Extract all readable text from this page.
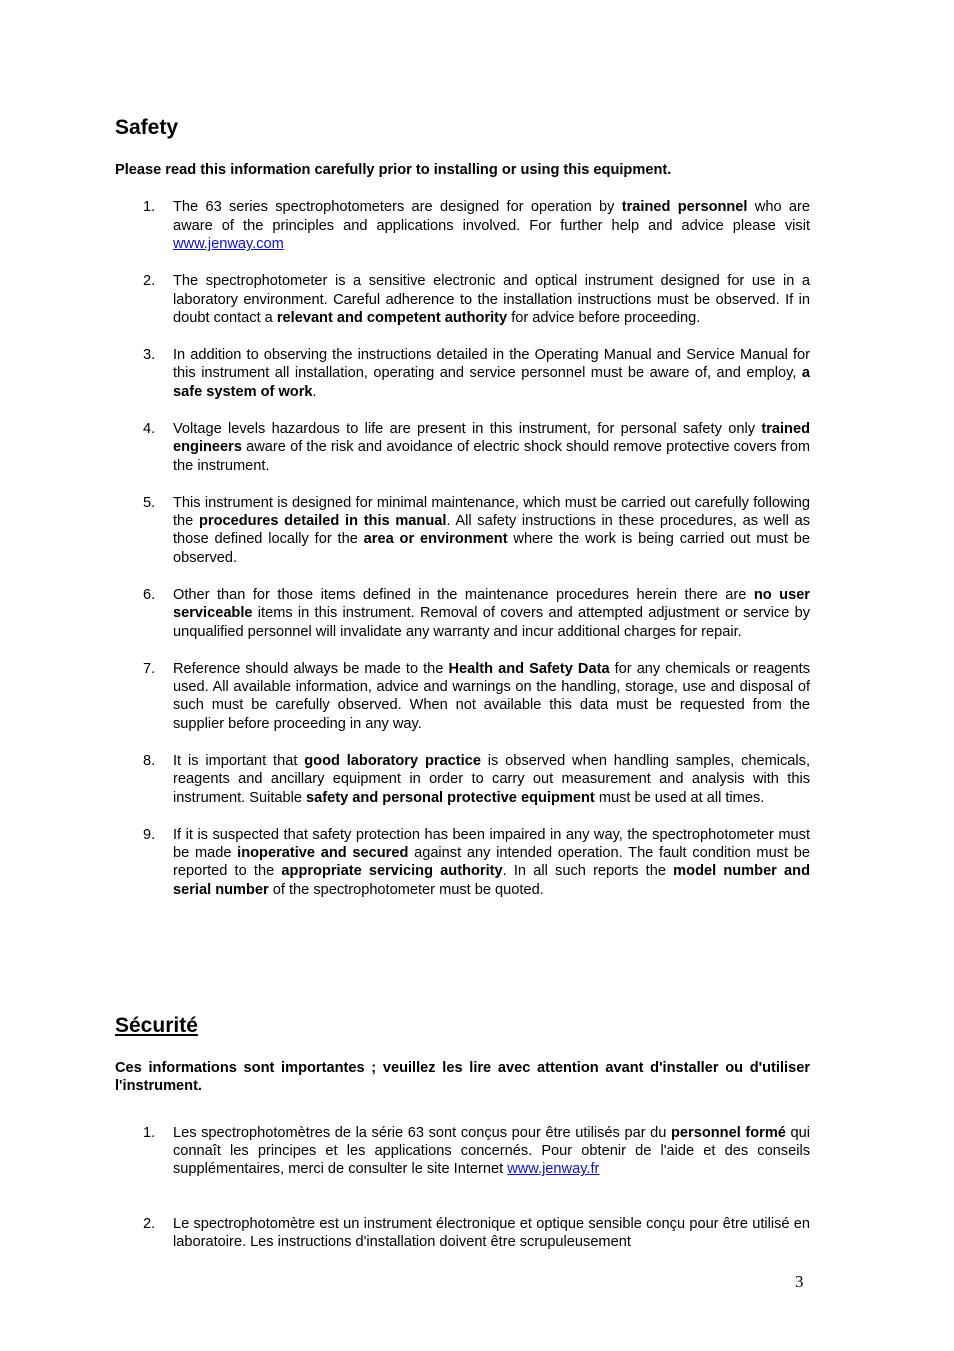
Safety

Please read this information carefully prior to installing or using this equipment.

1. The 63 series spectrophotometers are designed for operation by trained personnel who are aware of the principles and applications involved. For further help and advice please visit www.jenway.com
2. The spectrophotometer is a sensitive electronic and optical instrument designed for use in a laboratory environment. Careful adherence to the installation instructions must be observed. If in doubt contact a relevant and competent authority for advice before proceeding.
3. In addition to observing the instructions detailed in the Operating Manual and Service Manual for this instrument all installation, operating and service personnel must be aware of, and employ, a safe system of work.
4. Voltage levels hazardous to life are present in this instrument, for personal safety only trained engineers aware of the risk and avoidance of electric shock should remove protective covers from the instrument.
5. This instrument is designed for minimal maintenance, which must be carried out carefully following the procedures detailed in this manual. All safety instructions in these procedures, as well as those defined locally for the area or environment where the work is being carried out must be observed.
6. Other than for those items defined in the maintenance procedures herein there are no user serviceable items in this instrument. Removal of covers and attempted adjustment or service by unqualified personnel will invalidate any warranty and incur additional charges for repair.
7. Reference should always be made to the Health and Safety Data for any chemicals or reagents used. All available information, advice and warnings on the handling, storage, use and disposal of such must be carefully observed. When not available this data must be requested from the supplier before proceeding in any way.
8. It is important that good laboratory practice is observed when handling samples, chemicals, reagents and ancillary equipment in order to carry out measurement and analysis with this instrument. Suitable safety and personal protective equipment must be used at all times.
9. If it is suspected that safety protection has been impaired in any way, the spectrophotometer must be made inoperative and secured against any intended operation. The fault condition must be reported to the appropriate servicing authority. In all such reports the model number and serial number of the spectrophotometer must be quoted.
Sécurité

Ces informations sont importantes ; veuillez les lire avec attention avant d'installer ou d'utiliser l'instrument.

1. Les spectrophotomètres de la série 63 sont conçus pour être utilisés par du personnel formé qui connaît les principes et les applications concernés. Pour obtenir de l'aide et des conseils supplémentaires, merci de consulter le site Internet www.jenway.fr
2. Le spectrophotomètre est un instrument électronique et optique sensible conçu pour être utilisé en laboratoire. Les instructions d'installation doivent être scrupuleusement
3
